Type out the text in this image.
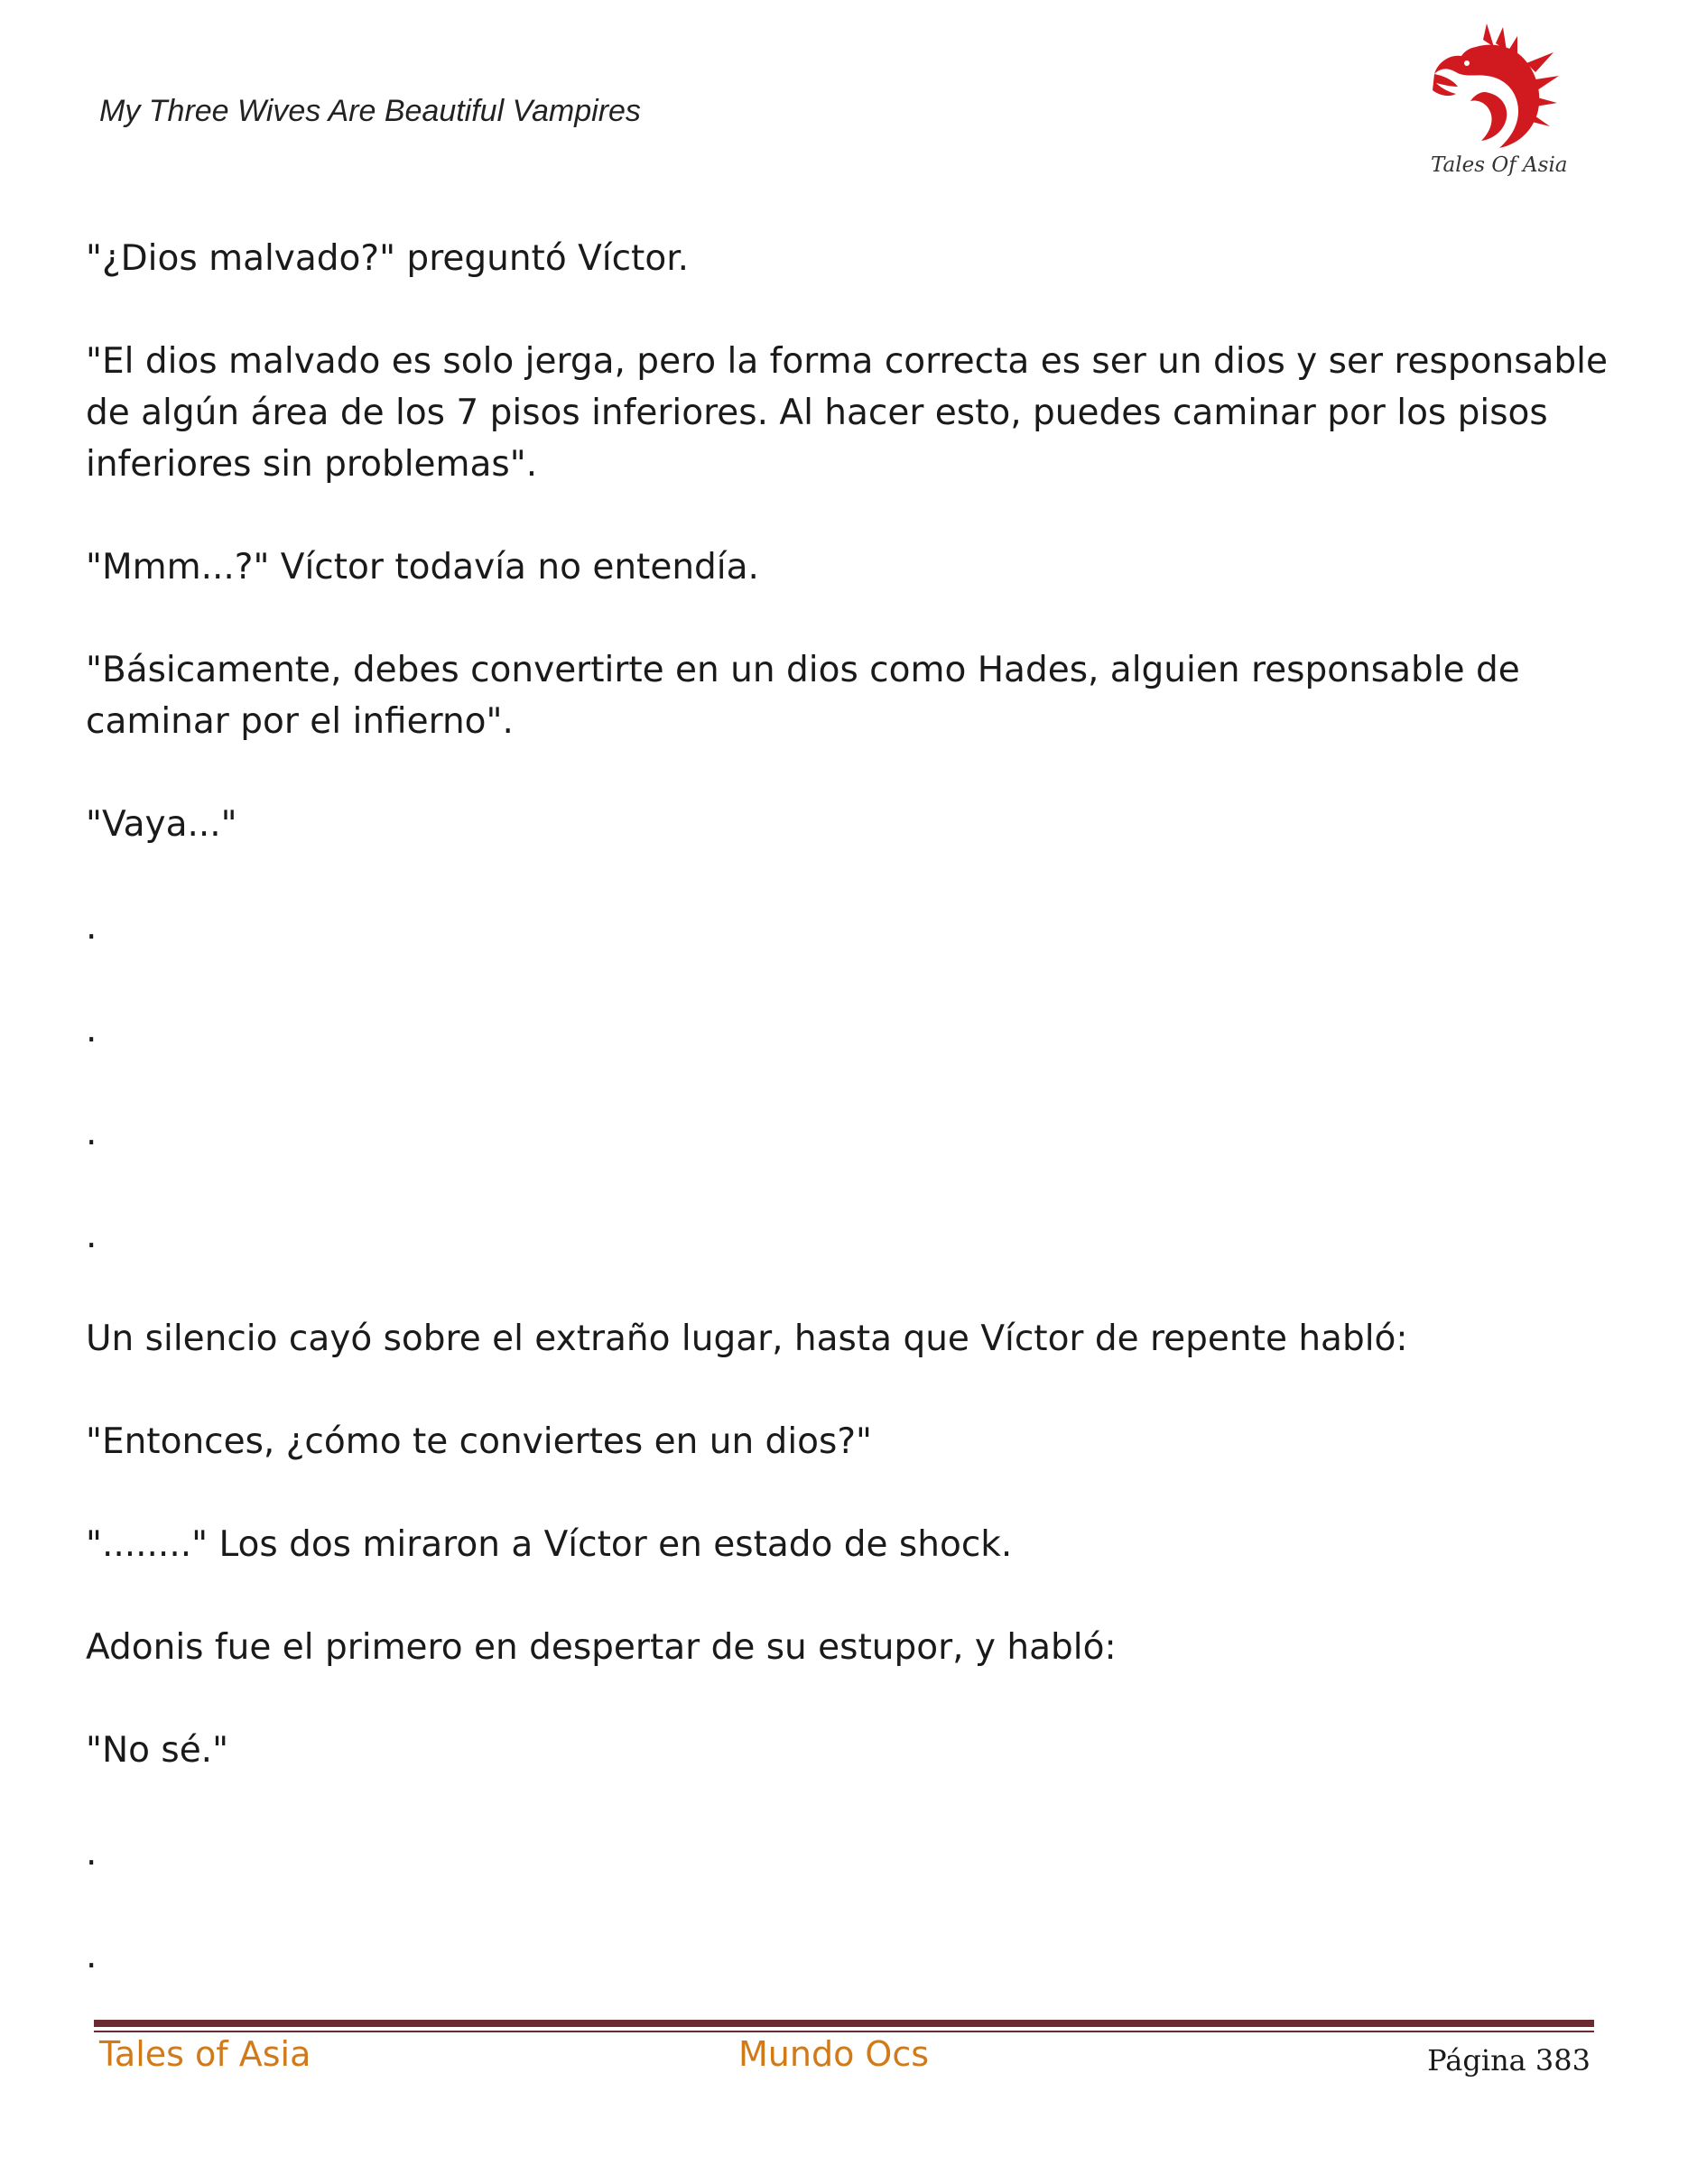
My Three Wives Are Beautiful Vampires
Tales Of Asia

"¿Dios malvado?" preguntó Víctor.

"El dios malvado es solo jerga, pero la forma correcta es ser un dios y ser responsable de algún área de los 7 pisos inferiores. Al hacer esto, puedes caminar por los pisos inferiores sin problemas".

"Mmm...?" Víctor todavía no entendía.

"Básicamente, debes convertirte en un dios como Hades, alguien responsable de caminar por el infierno".

"Vaya..."

.

.

.

.

Un silencio cayó sobre el extraño lugar, hasta que Víctor de repente habló:

"Entonces, ¿cómo te conviertes en un dios?"

"........" Los dos miraron a Víctor en estado de shock.

Adonis fue el primero en despertar de su estupor, y habló:

"No sé."

.

.

Tales of Asia	Mundo Ocs	Página 383
